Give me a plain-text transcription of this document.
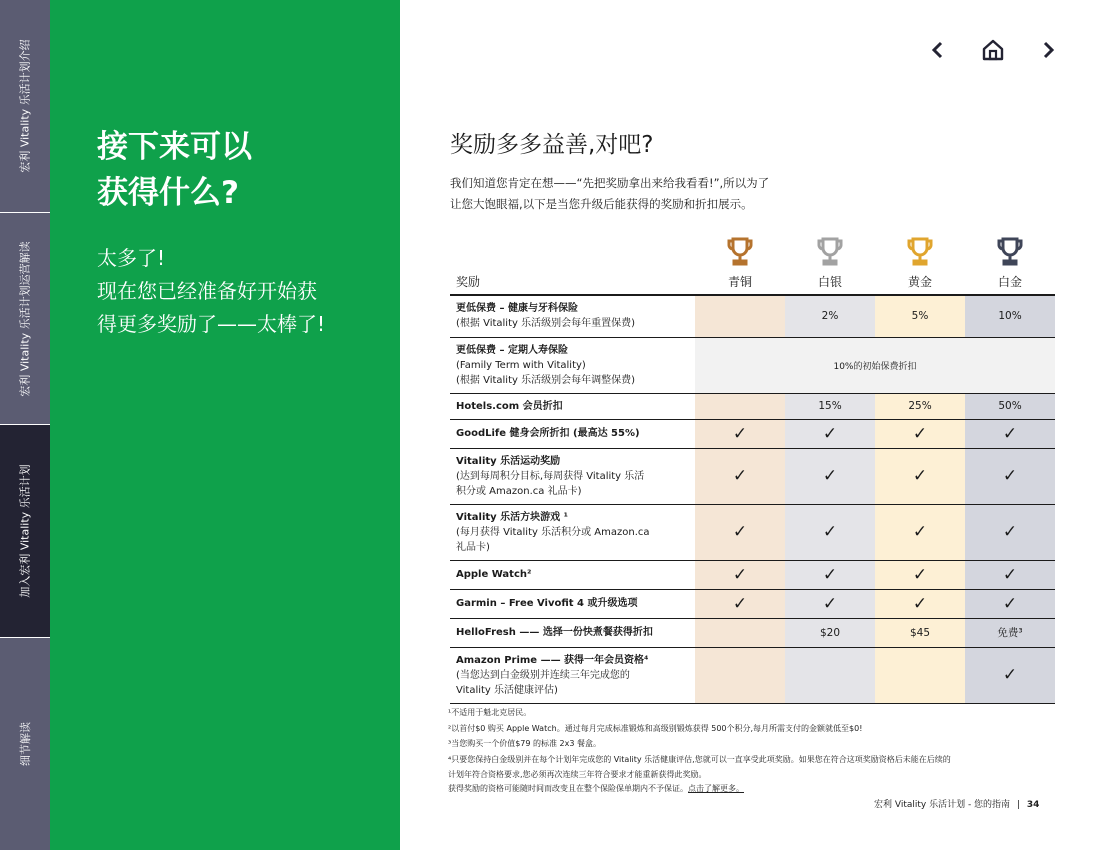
宏利 Vitality 乐活计划介绍
宏利 Vitality 乐活计划运营解读
加入宏利 Vitality 乐活计划
细节解读
接下来可以
获得什么?
太多了!
现在您已经准备好开始获
得更多奖励了——太棒了!
奖励多多益善,对吧?
我们知道您肯定在想——“先把奖励拿出来给我看看!”,所以为了
让您大饱眼福,以下是当您升级后能获得的奖励和折扣展示。
奖励	青铜	白银	黄金	白金
更低保费 – 健康与牙科保险
(根据 Vitality 乐活级别会每年重置保费)		2%	5%	10%
更低保费 – 定期人寿保险
(Family Term with Vitality)
(根据 Vitality 乐活级别会每年调整保费)	10%的初始保费折扣			
Hotels.com 会员折扣		15%	25%	50%
GoodLife 健身会所折扣 (最高达 55%)	✓	✓	✓	✓
Vitality 乐活运动奖励
(达到每周积分目标,每周获得 Vitality 乐活
积分或 Amazon.ca 礼品卡)	✓	✓	✓	✓
Vitality 乐活方块游戏 ¹
(每月获得 Vitality 乐活积分或 Amazon.ca
礼品卡)	✓	✓	✓	✓
Apple Watch²	✓	✓	✓	✓
Garmin – Free Vivofit 4 或升级选项	✓	✓	✓	✓
HelloFresh —— 选择一份快煮餐获得折扣		$20	$45	免费³
Amazon Prime —— 获得一年会员资格⁴
(当您达到白金级别并连续三年完成您的
Vitality 乐活健康评估)				✓
¹不适用于魁北克居民。
²以首付$0 购买 Apple Watch。通过每月完成标准锻炼和高级别锻炼获得 500个积分,每月所需支付的金额就低至$0!
³当您购买一个价值$79 的标准 2x3 餐盒。
⁴只要您保持白金级别并在每个计划年完成您的 Vitality 乐活健康评估,您就可以一直享受此项奖励。如果您在符合这项奖励资格后未能在后续的
计划年符合资格要求,您必须再次连续三年符合要求才能重新获得此奖励。
获得奖励的资格可能随时间而改变且在整个保险保单期内不予保证。点击了解更多。
宏利 Vitality 乐活计划 - 您的指南 | 34
